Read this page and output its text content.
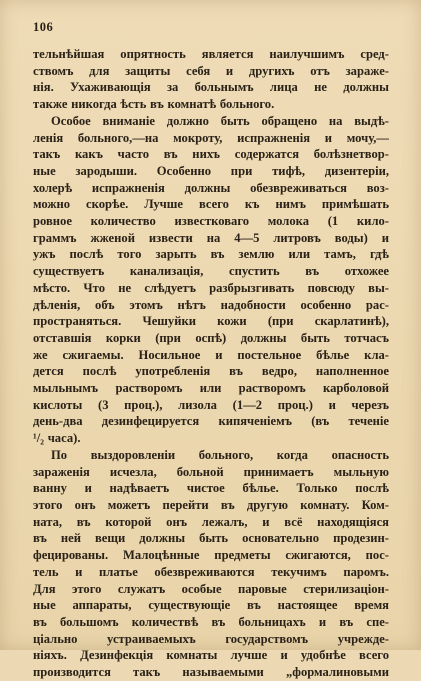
106
тельнѣйшая опрятность является наилучшимъ сред-
ствомъ для защиты себя и другихъ отъ зараже-
нія. Ухаживающія за больнымъ лица не должны
также никогда ѣсть въ комнатѣ больного.
Особое вниманіе должно быть обращено на выдѣ-
ленія больного,—на мокроту, испражненія и мочу,—
такъ какъ часто въ нихъ содержатся болѣзнетвор-
ные зародыши. Особенно при тифѣ, дизентеріи,
холерѣ испражненія должны обезвреживаться воз-
можно скорѣе. Лучше всего къ нимъ примѣшать
ровное количество известковаго молока (1 кило-
граммъ жженой извести на 4—5 литровъ воды) и
ужъ послѣ того зарыть въ землю или тамъ, гдѣ
существуетъ канализація, спустить въ отхожее
мѣсто. Что не слѣдуетъ разбрызгивать повсюду вы-
дѣленія, объ этомъ нѣтъ надобности особенно рас-
пространяться. Чешуйки кожи (при скарлатинѣ),
отставшія корки (при оспѣ) должны быть тотчасъ
же сжигаемы. Носильное и постельное бѣлье кла-
дется послѣ употребленія въ ведро, наполненное
мыльнымъ растворомъ или растворомъ карболовой
кислоты (3 проц.), лизола (1—2 проц.) и черезъ
день-два дезинфецируется кипяченіемъ (въ теченіе
¹/₂ часа).
По выздоровленіи больного, когда опасность
зараженія исчезла, больной принимаетъ мыльную
ванну и надѣваетъ чистое бѣлье. Только послѣ
этого онъ можетъ перейти въ другую комнату. Ком-
ната, въ которой онъ лежалъ, и всё находящіяся
въ ней вещи должны быть основательно продезин-
фецированы. Малоцѣнные предметы сжигаются, пос-
тель и платье обезвреживаются текучимъ паромъ.
Для этого служатъ особые паровые стерилизаціон-
ные аппараты, существующіе въ настоящее время
въ большомъ количествѣ въ больницахъ и въ спе-
ціально устраиваемыхъ государствомъ учрежде-
ніяхъ. Дезинфекція комнаты лучше и удобнѣе всего
производится такъ называемыми „формалиновыми
